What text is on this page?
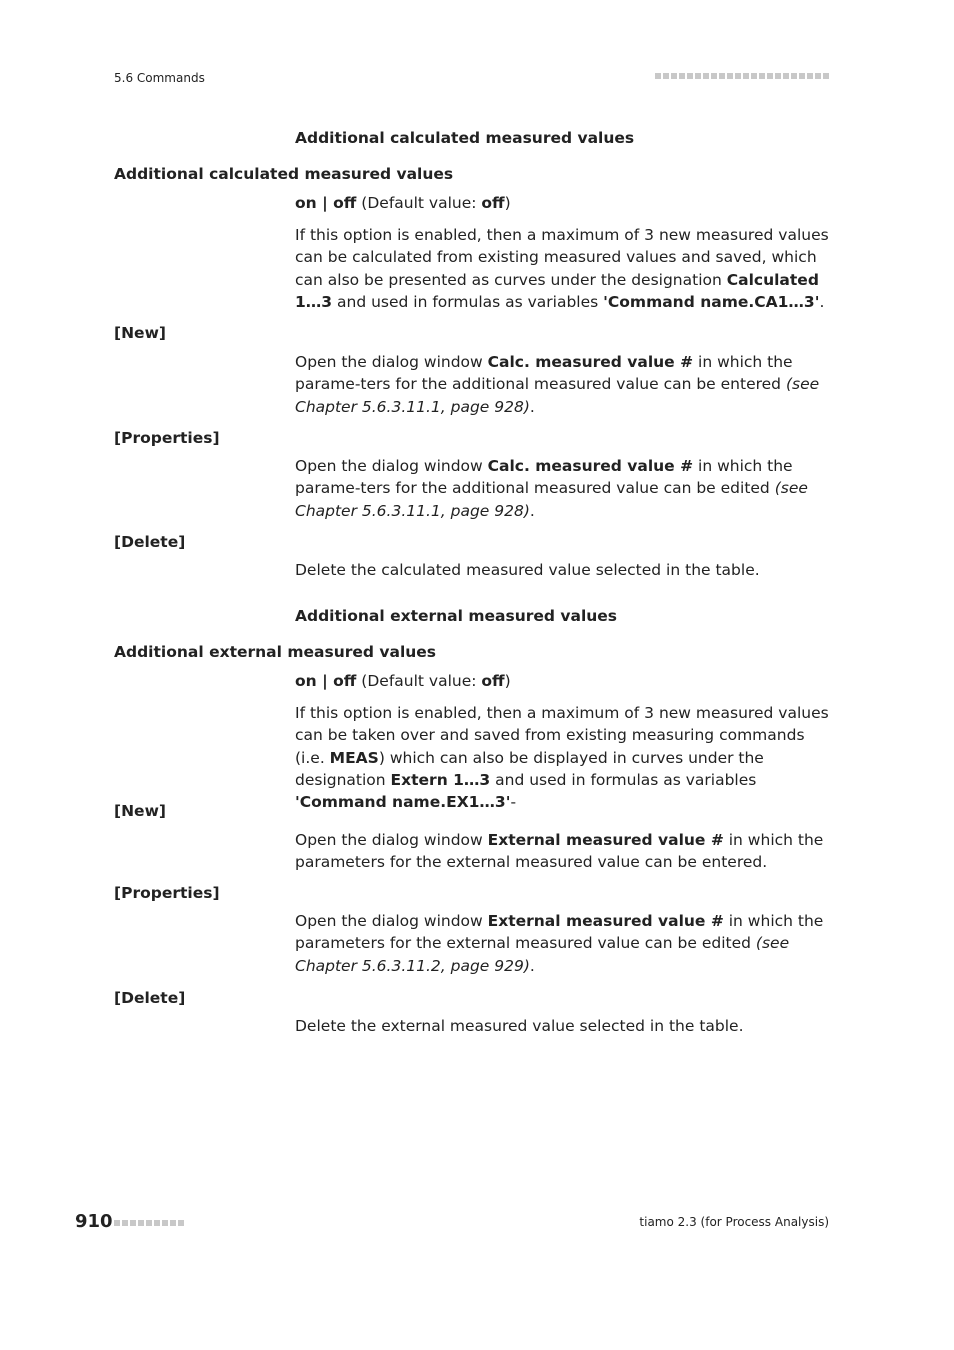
5.6 Commands
Additional calculated measured values
Additional calculated measured values
on | off (Default value: off)
If this option is enabled, then a maximum of 3 new measured values can be calculated from existing measured values and saved, which can also be presented as curves under the designation Calculated 1…3 and used in formulas as variables 'Command name.CA1…3'.
[New]
Open the dialog window Calc. measured value # in which the parame-ters for the additional measured value can be entered (see Chapter 5.6.3.11.1, page 928).
[Properties]
Open the dialog window Calc. measured value # in which the parame-ters for the additional measured value can be edited (see Chapter 5.6.3.11.1, page 928).
[Delete]
Delete the calculated measured value selected in the table.
Additional external measured values
Additional external measured values
on | off (Default value: off)
If this option is enabled, then a maximum of 3 new measured values can be taken over and saved from existing measuring commands (i.e. MEAS) which can also be displayed in curves under the designation Extern 1…3 and used in formulas as variables 'Command name.EX1…3'-
[New]
Open the dialog window External measured value # in which the parameters for the external measured value can be entered.
[Properties]
Open the dialog window External measured value # in which the parameters for the external measured value can be edited (see Chapter 5.6.3.11.2, page 929).
[Delete]
Delete the external measured value selected in the table.
910	tiamo 2.3 (for Process Analysis)
